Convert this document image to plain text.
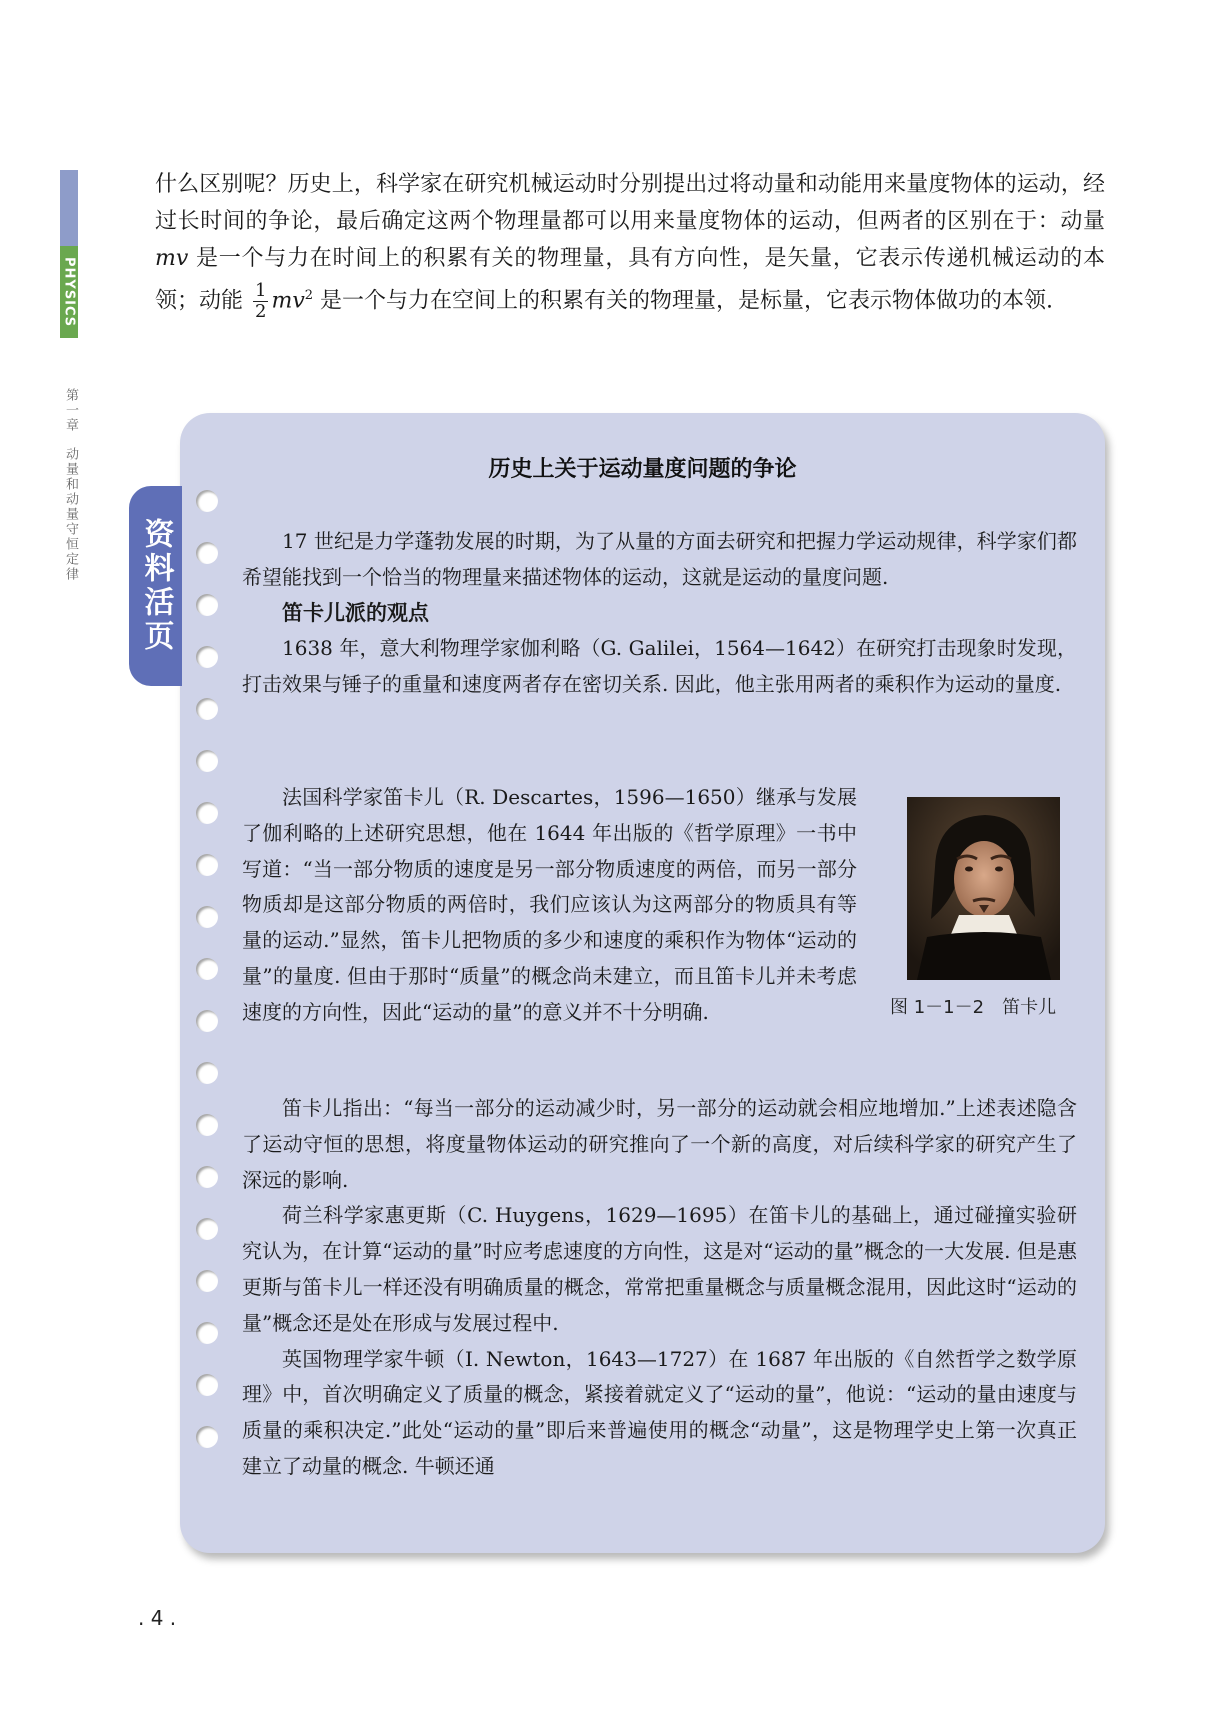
PHYSICS
第一章动量和动量守恒定律

什么区别呢？历史上，科学家在研究机械运动时分别提出过将动量和动能用来量度物体的运动，经过长时间的争论，最后确定这两个物理量都可以用来量度物体的运动，但两者的区别在于：动量 mv 是一个与力在时间上的积累有关的物理量，具有方向性，是矢量，它表示传递机械运动的本领；动能 $\frac{1}{2} mv^2$ 是一个与力在空间上的积累有关的物理量，是标量，它表示物体做功的本领.

资料活页
历史上关于运动量度问题的争论

17 世纪是力学蓬勃发展的时期，为了从量的方面去研究和把握力学运动规律，科学家们都希望能找到一个恰当的物理量来描述物体的运动，这就是运动的量度问题.

笛卡儿派的观点

1638 年，意大利物理学家伽利略（G. Galilei，1564—1642）在研究打击现象时发现，打击效果与锤子的重量和速度两者存在密切关系. 因此，他主张用两者的乘积作为运动的量度.

法国科学家笛卡儿（R. Descartes，1596—1650）继承与发展了伽利略的上述研究思想，他在 1644 年出版的《哲学原理》一书中写道：“当一部分物质的速度是另一部分物质速度的两倍，而另一部分物质却是这部分物质的两倍时，我们应该认为这两部分的物质具有等量的运动.”显然，笛卡儿把物质的多少和速度的乘积作为物体“运动的量”的量度. 但由于那时“质量”的概念尚未建立，而且笛卡儿并未考虑速度的方向性，因此“运动的量”的意义并不十分明确.	图 1－1－2　笛卡儿

笛卡儿指出：“每当一部分的运动减少时，另一部分的运动就会相应地增加.”上述表述隐含了运动守恒的思想，将度量物体运动的研究推向了一个新的高度，对后续科学家的研究产生了深远的影响.

荷兰科学家惠更斯（C. Huygens，1629—1695）在笛卡儿的基础上，通过碰撞实验研究认为，在计算“运动的量”时应考虑速度的方向性，这是对“运动的量”概念的一大发展. 但是惠更斯与笛卡儿一样还没有明确质量的概念，常常把重量概念与质量概念混用，因此这时“运动的量”概念还是处在形成与发展过程中.

英国物理学家牛顿（I. Newton，1643—1727）在 1687 年出版的《自然哲学之数学原理》中，首次明确定义了质量的概念，紧接着就定义了“运动的量”，他说：“运动的量由速度与质量的乘积决定.”此处“运动的量”即后来普遍使用的概念“动量”，这是物理学史上第一次真正建立了动量的概念. 牛顿还通

. 4 .
